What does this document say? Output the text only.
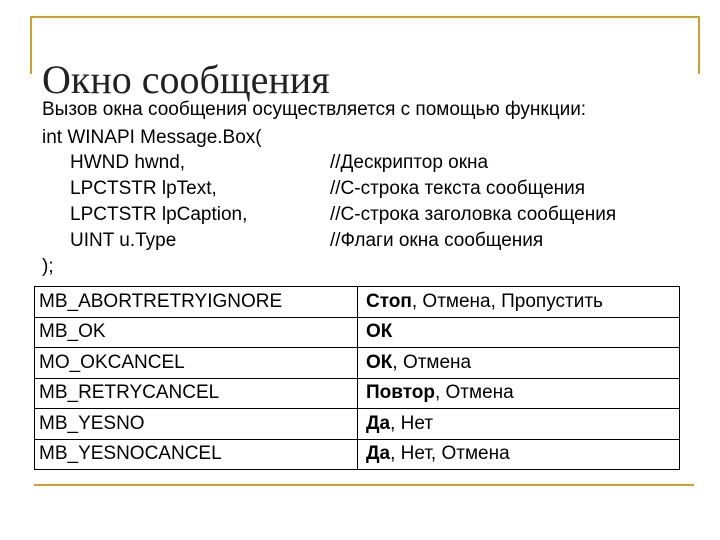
Окно сообщения
Вызов окна сообщения осуществляется с помощью функции:
int WINAPI Message.Box(
HWND hwnd,	//Дескриптор окна
LPCTSTR lpText,	//C-строка текста сообщения
LPCTSTR lpCaption,	//C-строка заголовка сообщения
UINT u.Type	//Флаги окна сообщения
);
MB_ABORTRETRYIGNORE	Стоп, Отмена, Пропустить
MB_OK	ОК
MO_OKCANCEL	ОК, Отмена
MB_RETRYCANCEL	Повтор, Отмена
MB_YESNO	Да, Нет
MB_YESNOCANCEL	Да, Нет, Отмена
